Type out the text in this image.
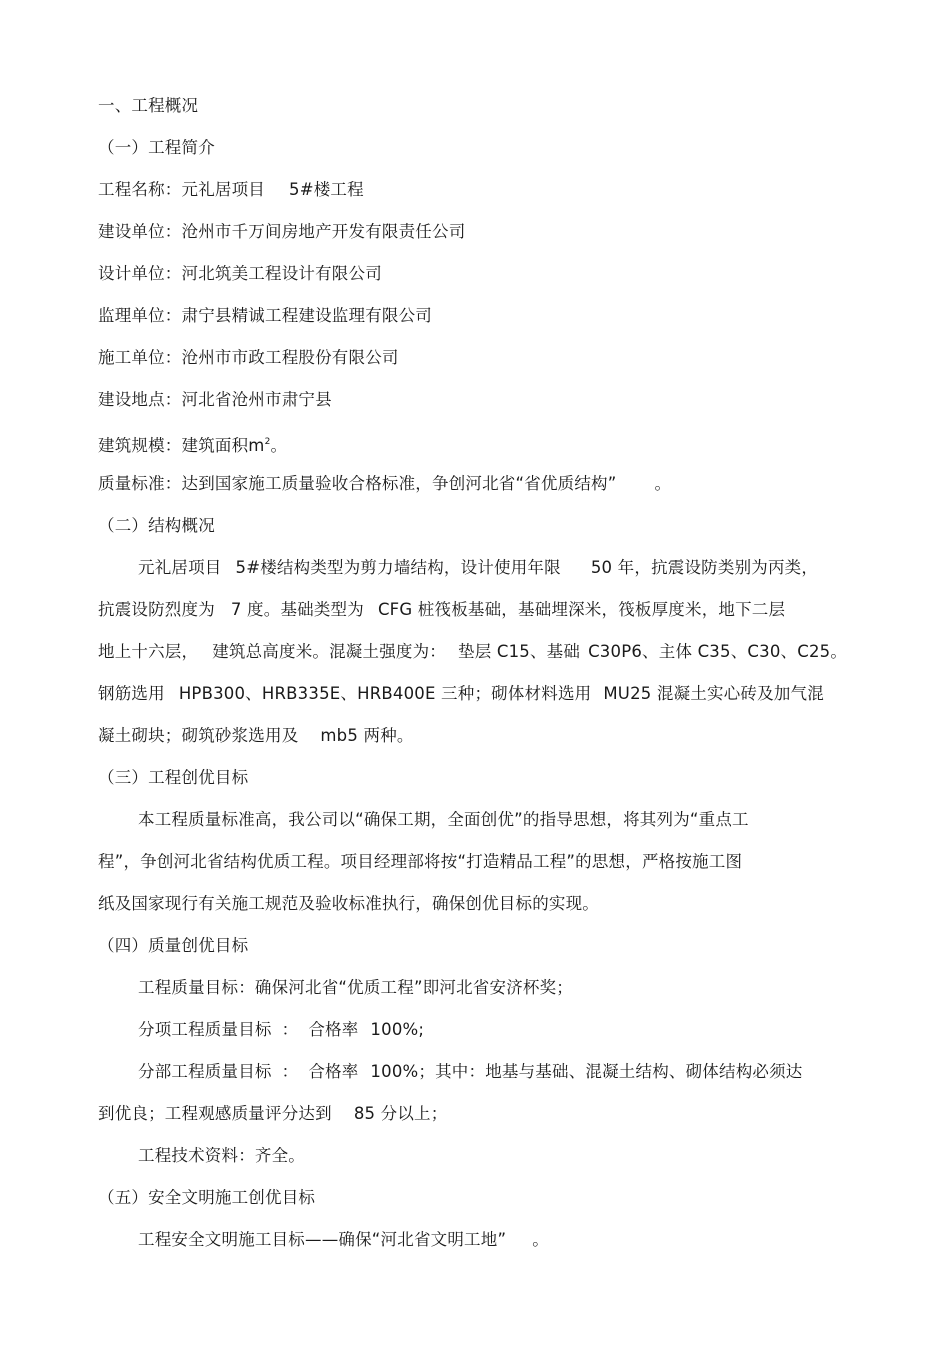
一、工程概况
（一）工程简介
工程名称：元礼居项目 5#楼工程
建设单位：沧州市千万间房地产开发有限责任公司
设计单位：河北筑美工程设计有限公司
监理单位：肃宁县精诚工程建设监理有限公司
施工单位：沧州市市政工程股份有限公司
建设地点：河北省沧州市肃宁县
建筑规模：建筑面积$m^2$。
质量标准：达到国家施工质量验收合格标准，争创河北省“省优质结构” 。
（二）结构概况
元礼居项目 5#楼结构类型为剪力墙结构，设计使用年限 50 年，抗震设防类别为丙类，
抗震设防烈度为 7 度。基础类型为 CFG 桩筏板基础，基础埋深米，筏板厚度米，地下二层
地上十六层， 建筑总高度米。混凝土强度为： 垫层 C15、基础 C30P6、主体 C35、C30、C25。
钢筋选用 HPB300、HRB335E、HRB400E 三种；砌体材料选用 MU25 混凝土实心砖及加气混
凝土砌块；砌筑砂浆选用及 mb5 两种。
（三）工程创优目标
本工程质量标准高，我公司以“确保工期，全面创优”的指导思想，将其列为“重点工
程”，争创河北省结构优质工程。项目经理部将按“打造精品工程”的思想，严格按施工图
纸及国家现行有关施工规范及验收标准执行，确保创优目标的实现。
（四）质量创优目标
工程质量目标：确保河北省“优质工程”即河北省安济杯奖；
分项工程质量目标 ： 合格率 100%;
分部工程质量目标 ： 合格率 100%；其中：地基与基础、混凝土结构、砌体结构必须达
到优良；工程观感质量评分达到 85 分以上；
工程技术资料：齐全。
（五）安全文明施工创优目标
工程安全文明施工目标——确保“河北省文明工地” 。
